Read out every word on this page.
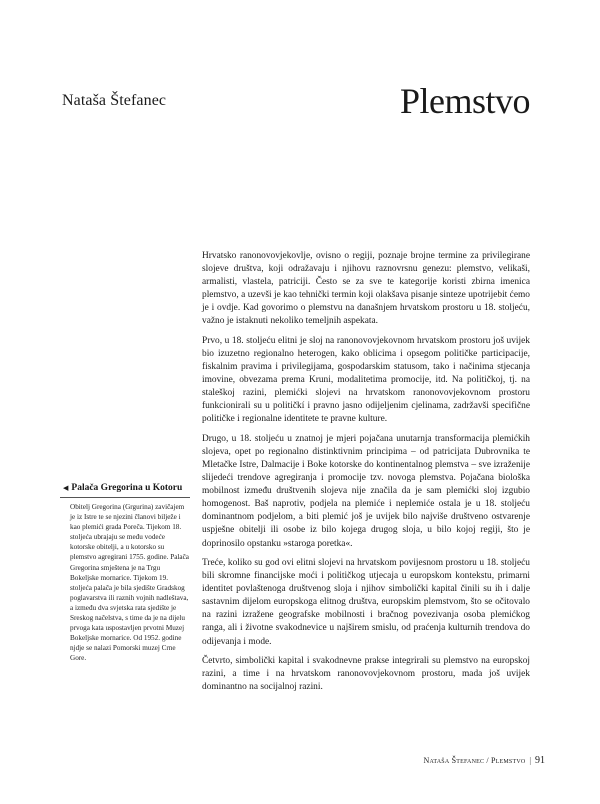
Nataša Štefanec	Plemstvo

Hrvatsko ranonovovjekovlje, ovisno o regiji, poznaje brojne termine za privilegirane slojeve društva, koji odražavaju i njihovu raznovrsnu genezu: plemstvo, velikaši, armalisti, vlastela, patriciji. Često se za sve te kategorije koristi zbirna imenica plemstvo, a uzevši je kao tehnički termin koji olakšava pisanje sinteze upotrijebit ćemo je i ovdje. Kad govorimo o plemstvu na današnjem hrvatskom prostoru u 18. stoljeću, važno je istaknuti nekoliko temeljnih aspekata.

Prvo, u 18. stoljeću elitni je sloj na ranonovovjekovnom hrvatskom prostoru još uvijek bio izuzetno regionalno heterogen, kako oblicima i opsegom političke participacije, fiskalnim pravima i privilegijama, gospodarskim statusom, tako i načinima stjecanja imovine, obvezama prema Kruni, modalitetima promocije, itd. Na političkoj, tj. na staleškoj razini, plemićki slojevi na hrvatskom ranonovovjekovnom prostoru funkcionirali su u političkí i pravno jasno odijeljenim cjelinama, zadržavši specifične političke i regionalne identitete te pravne kulture.

Drugo, u 18. stoljeću u znatnoj je mjeri pojačana unutarnja transformacija plemićkih slojeva, opet po regionalno distinktivnim principima – od patricijata Dubrovnika te Mletačke Istre, Dalmacije i Boke kotorske do kontinentalnog plemstva – sve izraženije slijedeći trendove agregiranja i promocije tzv. novoga plemstva. Pojačana biološka mobilnost između društvenih slojeva nije značila da je sam plemićki sloj izgubio homogenost. Baš naprotiv, podjela na plemiće i neplemiće ostala je u 18. stoljeću dominantnom podjelom, a biti plemić još je uvijek bilo najviše društveno ostvarenje uspješne obitelji ili osobe iz bilo kojega drugog sloja, u bilo kojoj regiji, što je doprinosilo opstanku »staroga poretka«.

Treće, koliko su god ovi elitni slojevi na hrvatskom povijesnom prostoru u 18. stoljeću bili skromne financijske moći i političkog utjecaja u europskom kontekstu, primarni identitet povlaštenoga društvenog sloja i njihov simbolički kapital činili su ih i dalje sastavnim dijelom europskoga elitnog društva, europskim plemstvom, što se očitovalo na razini izražene geografske mobilnosti i bračnog povezivanja osoba plemićkog ranga, ali i životne svakodnevice u najširem smislu, od praćenja kulturnih trendova do odijevanja i mode.

Četvrto, simbolički kapital i svakodnevne prakse integrirali su plemstvo na europskoj razini, a time i na hrvatskom ranonovovjekovnom prostoru, mada još uvijek dominantno na socijalnoj razini.

◀ Palača Gregorina u Kotoru
Obitelj Gregorina (Grgurina) zavičajem je iz Istre te se njezini članovi bilježe i kao plemići grada Poreča. Tijekom 18. stoljeća ubrajaju se među vodeće kotorske obitelji, a u kotorsko su plemstvo agregirani 1755. godine. Palača Gregorina smještena je na Trgu Bokeljske mornarice. Tijekom 19. stoljeća palača je bila sjedište Gradskog poglavarstva ili raznih vojnih nadleštava, a između dva svjetska rata sjedište je Sreskog načelstva, s time da je na dijelu prvoga kata uspostavljen prvotni Muzej Bokeljske mornarice. Od 1952. godine njdje se nalazi Pomorski muzej Crne Gore.
Nataša Štefanec / Plemstvo | 91
